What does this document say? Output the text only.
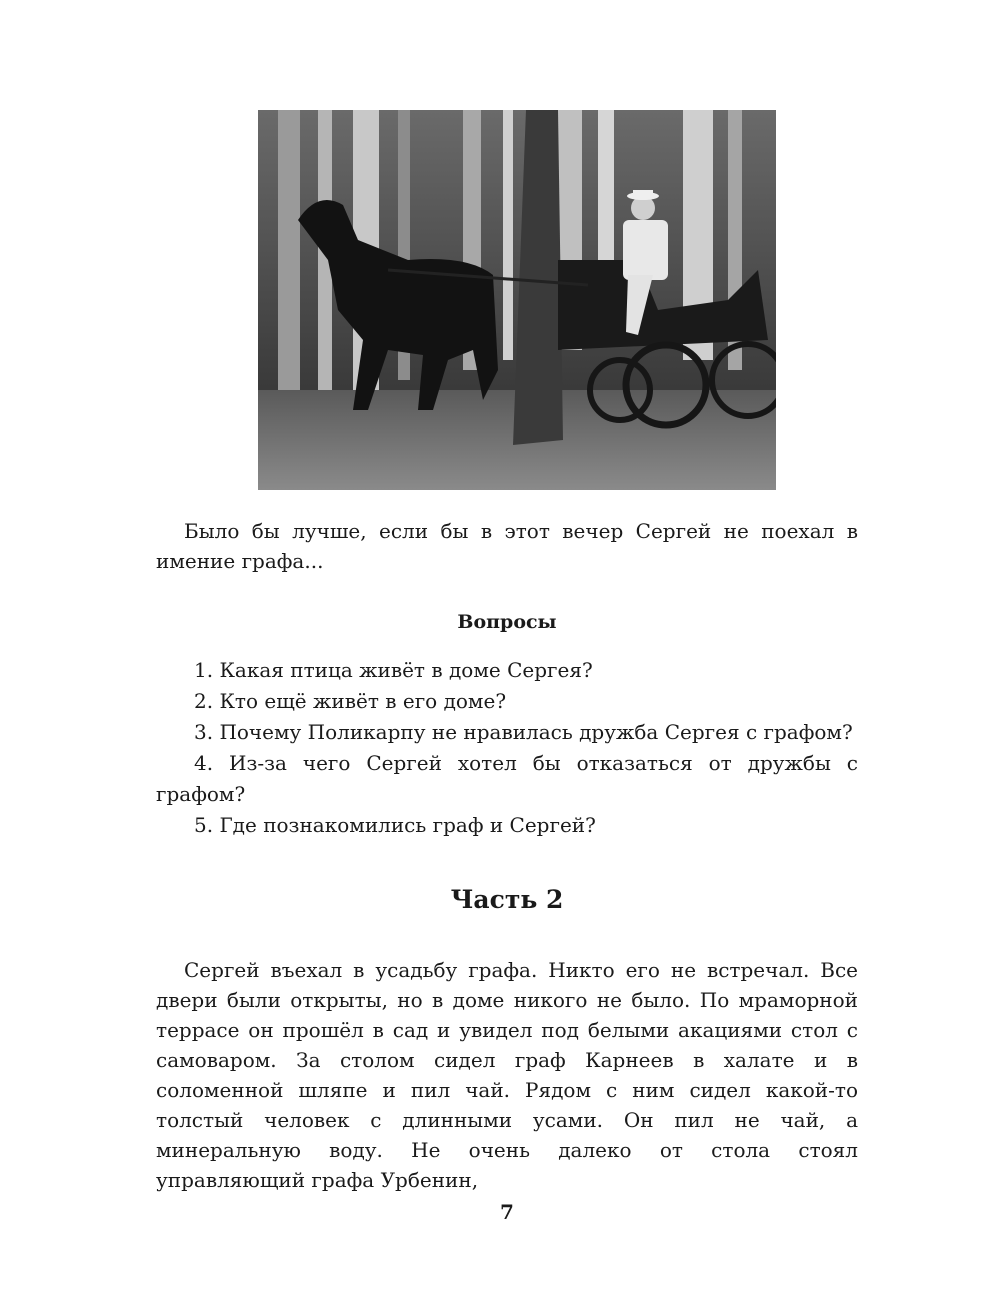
Было бы лучше, если бы в этот вечер Сергей не поехал в имение графа...

Вопросы
1. Какая птица живёт в доме Сергея?
2. Кто ещё живёт в его доме?
3. Почему Поликарпу не нравилась дружба Сергея с графом?
4. Из-за чего Сергей хотел бы отказаться от дружбы с графом?
5. Где познакомились граф и Сергей?
Часть 2

Сергей въехал в усадьбу графа. Никто его не встречал. Все двери были открыты, но в доме никого не было. По мраморной террасе он прошёл в сад и увидел под белыми акациями стол с самоваром. За столом сидел граф Карнеев в халате и в соломенной шляпе и пил чай. Рядом с ним сидел какой-то толстый человек с длинными усами. Он пил не чай, а минеральную воду. Не очень далеко от стола стоял управляющий графа Урбенин,

7
